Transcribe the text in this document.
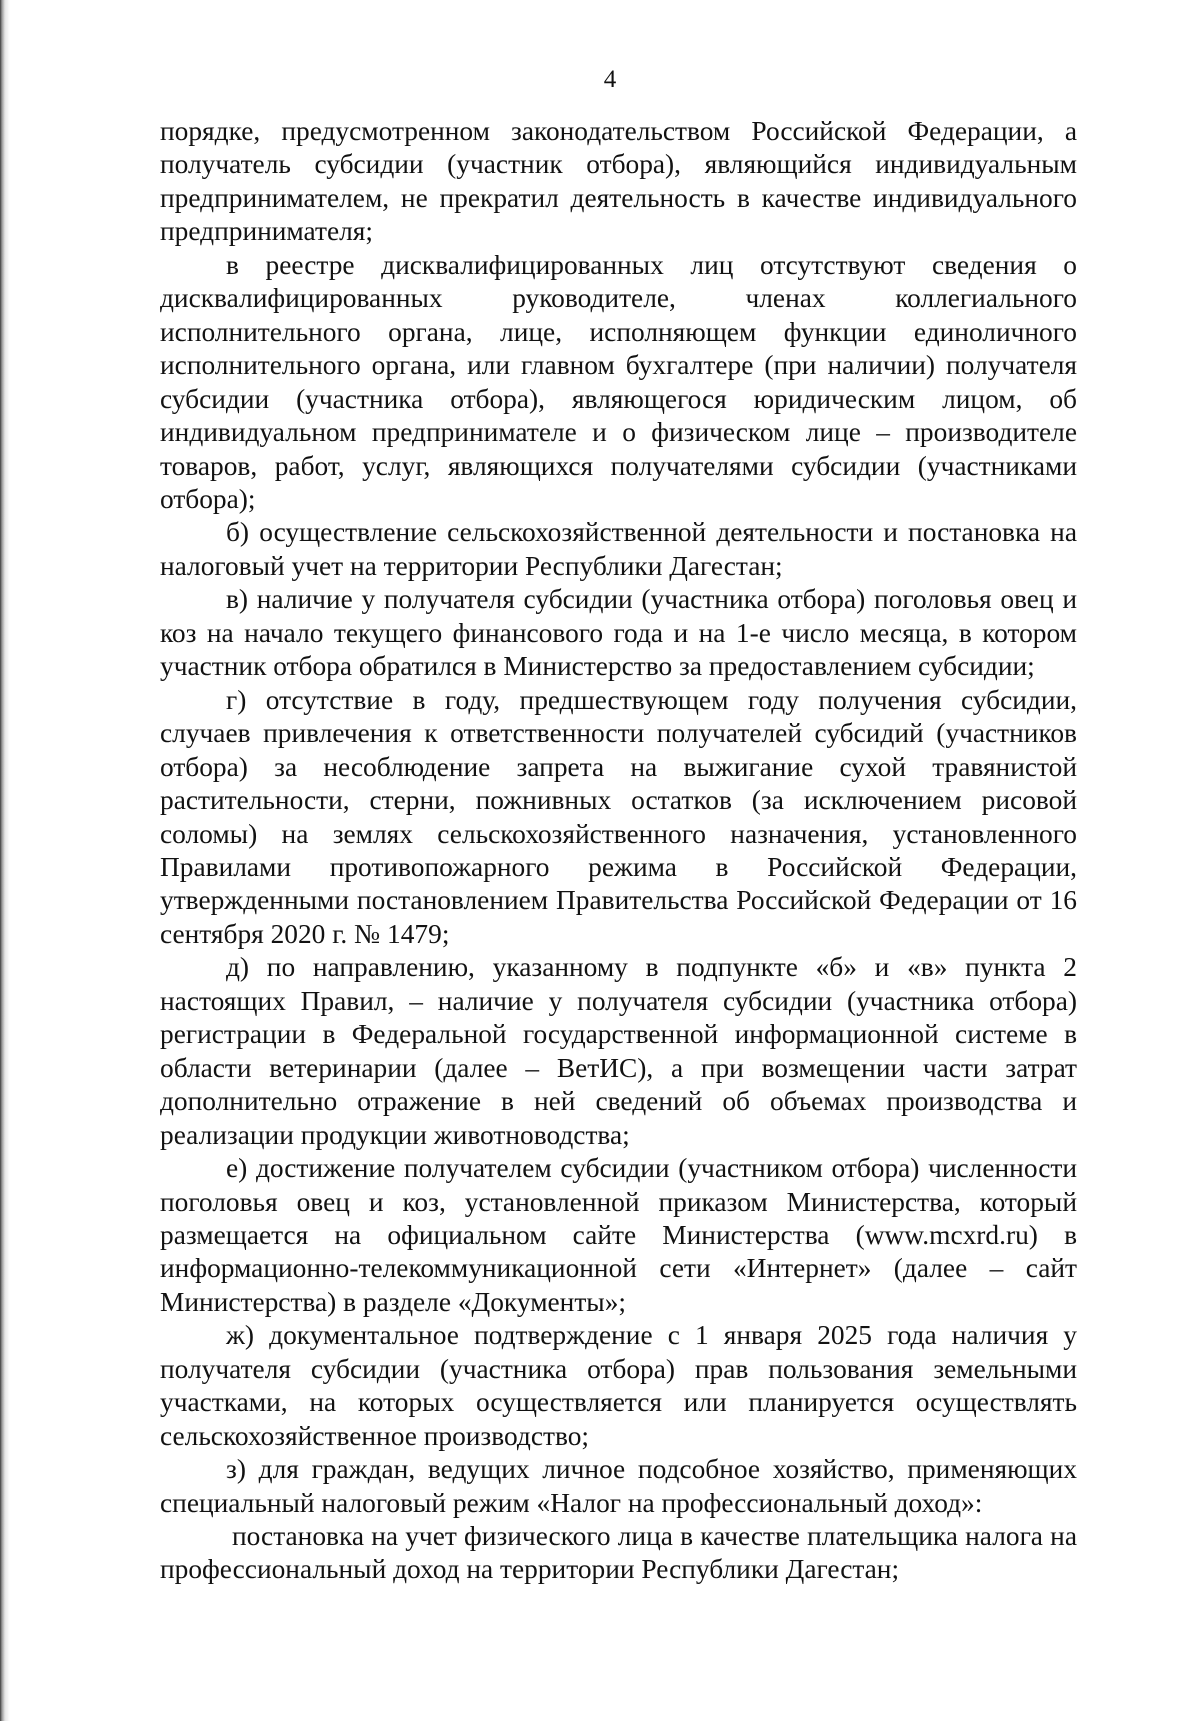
4

порядке, предусмотренном законодательством Российской Федерации, а получатель субсидии (участник отбора), являющийся индивидуальным предпринимателем, не прекратил деятельность в качестве индивидуального предпринимателя;

в реестре дисквалифицированных лиц отсутствуют сведения о дисквалифицированных руководителе, членах коллегиального исполнительного органа, лице, исполняющем функции единоличного исполнительного органа, или главном бухгалтере (при наличии) получателя субсидии (участника отбора), являющегося юридическим лицом, об индивидуальном предпринимателе и о физическом лице – производителе товаров, работ, услуг, являющихся получателями субсидии (участниками отбора);

б) осуществление сельскохозяйственной деятельности и постановка на налоговый учет на территории Республики Дагестан;

в) наличие у получателя субсидии (участника отбора) поголовья овец и коз на начало текущего финансового года и на 1-е число месяца, в котором участник отбора обратился в Министерство за предоставлением субсидии;

г) отсутствие в году, предшествующем году получения субсидии, случаев привлечения к ответственности получателей субсидий (участников отбора) за несоблюдение запрета на выжигание сухой травянистой растительности, стерни, пожнивных остатков (за исключением рисовой соломы) на землях сельскохозяйственного назначения, установленного Правилами противопожарного режима в Российской Федерации, утвержденными постановлением Правительства Российской Федерации от 16 сентября 2020 г. № 1479;

д) по направлению, указанному в подпункте «б» и «в» пункта 2 настоящих Правил, – наличие у получателя субсидии (участника отбора) регистрации в Федеральной государственной информационной системе в области ветеринарии (далее – ВетИС), а при возмещении части затрат дополнительно отражение в ней сведений об объемах производства и реализации продукции животноводства;

е) достижение получателем субсидии (участником отбора) численности поголовья овец и коз, установленной приказом Министерства, который размещается на официальном сайте Министерства (www.mcxrd.ru) в информационно-телекоммуникационной сети «Интернет» (далее – сайт Министерства) в разделе «Документы»;

ж) документальное подтверждение с 1 января 2025 года наличия у получателя субсидии (участника отбора) прав пользования земельными участками, на которых осуществляется или планируется осуществлять сельскохозяйственное производство;

з) для граждан, ведущих личное подсобное хозяйство, применяющих специальный налоговый режим «Налог на профессиональный доход»:

постановка на учет физического лица в качестве плательщика налога на профессиональный доход на территории Республики Дагестан;
